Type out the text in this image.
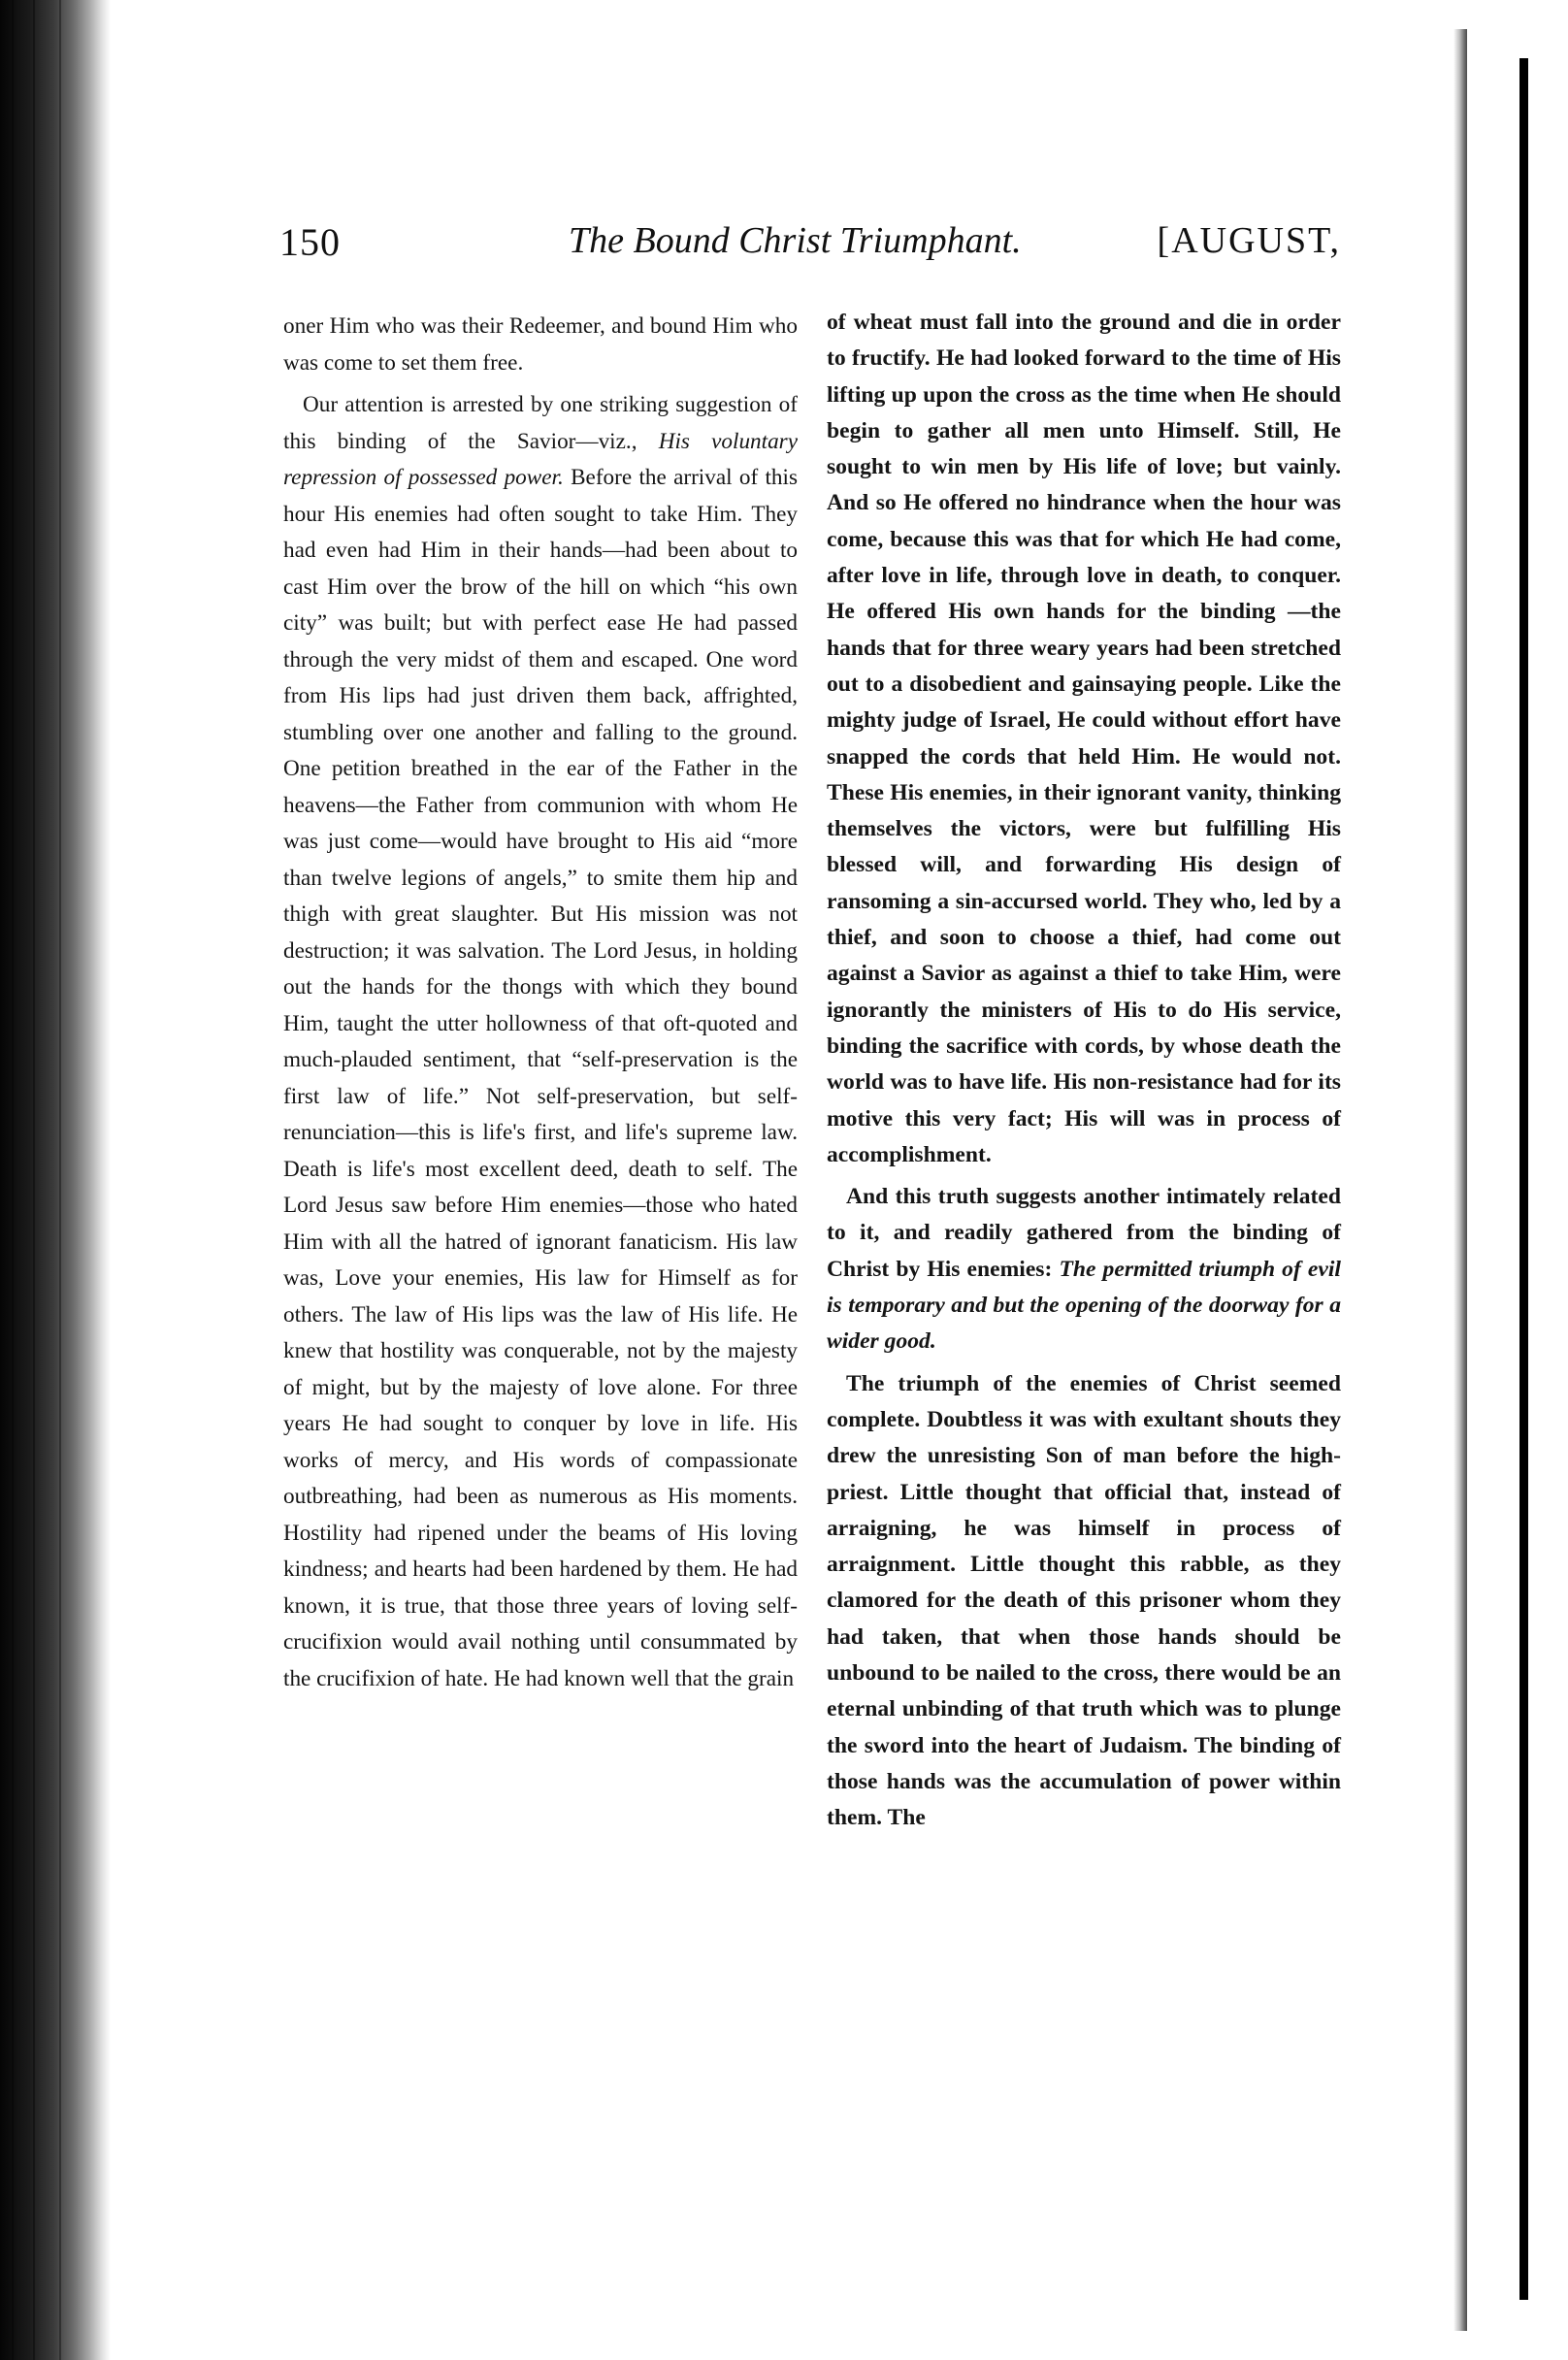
150	The Bound Christ Triumphant.	[AUGUST,

oner Him who was their Redeemer, and bound Him who was come to set them free.

Our attention is arrested by one striking suggestion of this binding of the Savior—viz., His voluntary repression of possessed power. Before the arrival of this hour His enemies had often sought to take Him. They had even had Him in their hands—had been about to cast Him over the brow of the hill on which “his own city” was built; but with perfect ease He had passed through the very midst of them and escaped. One word from His lips had just driven them back, affrighted, stumbling over one another and falling to the ground. One petition breathed in the ear of the Father in the heavens—the Father from communion with whom He was just come—would have brought to His aid “more than twelve legions of angels,” to smite them hip and thigh with great slaughter. But His mission was not destruction; it was salvation. The Lord Jesus, in holding out the hands for the thongs with which they bound Him, taught the utter hollowness of that oft-quoted and much-plauded sentiment, that “self-preservation is the first law of life.” Not self-preservation, but self-renunciation—this is life's first, and life's supreme law. Death is life's most excellent deed, death to self. The Lord Jesus saw before Him enemies—those who hated Him with all the hatred of ignorant fanaticism. His law was, Love your enemies, His law for Himself as for others. The law of His lips was the law of His life. He knew that hostility was conquerable, not by the majesty of might, but by the majesty of love alone. For three years He had sought to conquer by love in life. His works of mercy, and His words of compassionate outbreathing, had been as numerous as His moments. Hostility had ripened under the beams of His loving kindness; and hearts had been hardened by them. He had known, it is true, that those three years of loving self-crucifixion would avail nothing until consummated by the crucifixion of hate. He had known well that the grain

of wheat must fall into the ground and die in order to fructify. He had looked forward to the time of His lifting up upon the cross as the time when He should begin to gather all men unto Himself. Still, He sought to win men by His life of love; but vainly. And so He offered no hindrance when the hour was come, because this was that for which He had come, after love in life, through love in death, to conquer. He offered His own hands for the binding —the hands that for three weary years had been stretched out to a disobedient and gainsaying people. Like the mighty judge of Israel, He could without effort have snapped the cords that held Him. He would not. These His enemies, in their ignorant vanity, thinking themselves the victors, were but fulfilling His blessed will, and forwarding His design of ransoming a sin-accursed world. They who, led by a thief, and soon to choose a thief, had come out against a Savior as against a thief to take Him, were ignorantly the ministers of His to do His service, binding the sacrifice with cords, by whose death the world was to have life. His non-resistance had for its motive this very fact; His will was in process of accomplishment.

And this truth suggests another intimately related to it, and readily gathered from the binding of Christ by His enemies: The permitted triumph of evil is temporary and but the opening of the doorway for a wider good.

The triumph of the enemies of Christ seemed complete. Doubtless it was with exultant shouts they drew the unresisting Son of man before the high-priest. Little thought that official that, instead of arraigning, he was himself in process of arraignment. Little thought this rabble, as they clamored for the death of this prisoner whom they had taken, that when those hands should be unbound to be nailed to the cross, there would be an eternal unbinding of that truth which was to plunge the sword into the heart of Judaism. The binding of those hands was the accumulation of power within them. The
